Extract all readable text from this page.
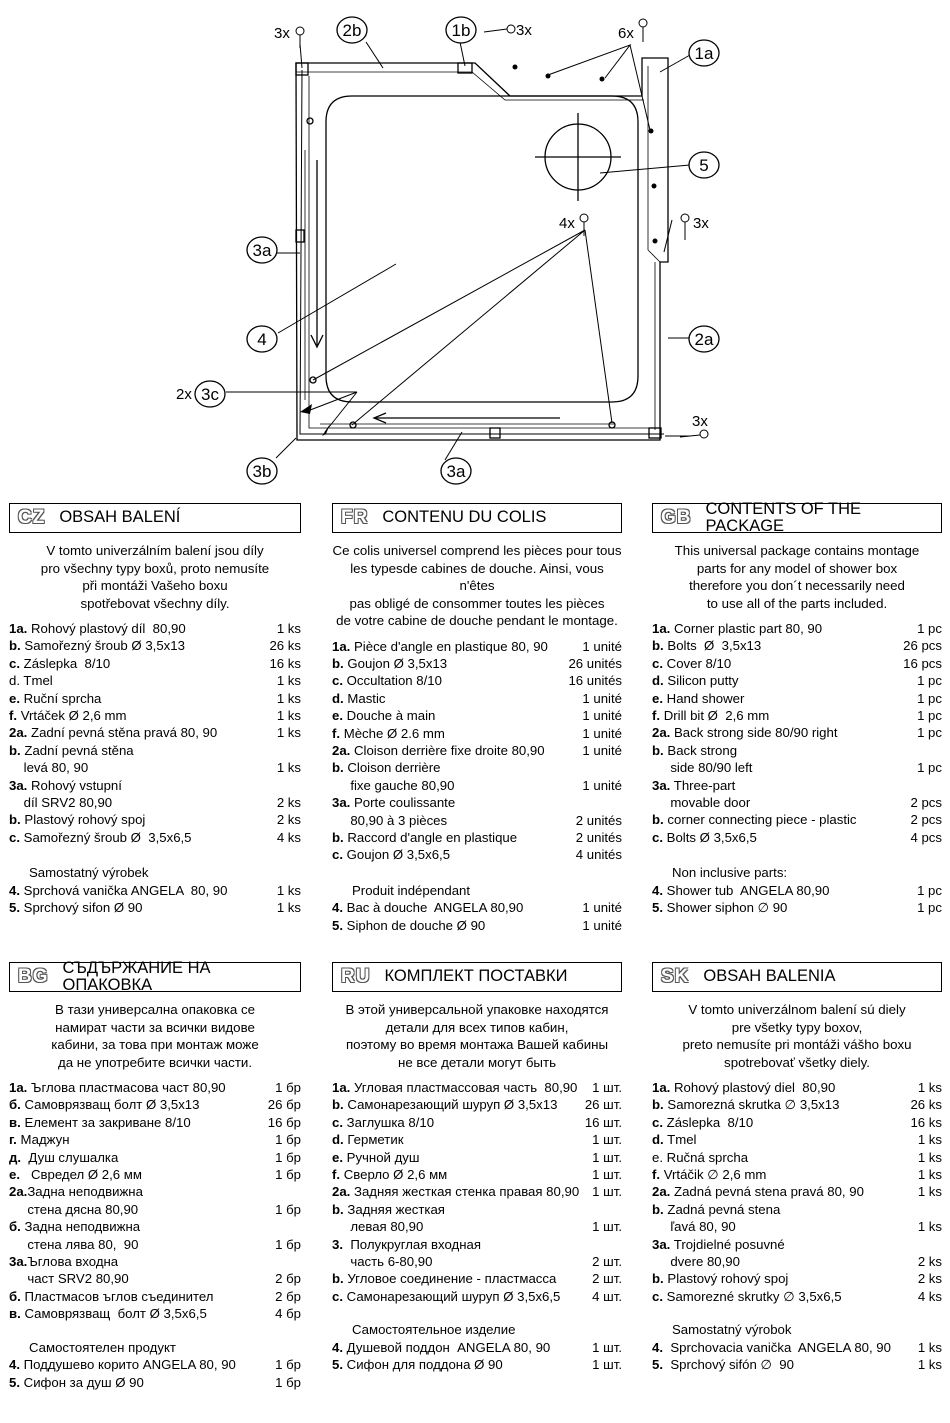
2b	1b
1a
5
3a
2a
4
3c
3b	3a
3x	3x	6x
3x
4x
2x
3x
CZ OBSAH BALENÍ
V tomto univerzálním balení jsou díly
pro všechny typy boxů, proto nemusíte
při montáži Vašeho boxu
spotřebovat všechny díly.
1a. Rohový plastový díl  80,90	1 ks
b. Samořezný šroub Ø 3,5x13	26 ks
c. Záslepka  8/10	16 ks
d. Tmel	1 ks
e. Ruční sprcha	1 ks
f. Vrtáček Ø 2,6 mm	1 ks
2a. Zadní pevná stěna pravá 80, 90	1 ks
b. Zadní pevná stěna
levá 80, 90	1 ks
3a. Rohový vstupní
díl SRV2 80,90	2 ks
b. Plastový rohový spoj	2 ks
c. Samořezný šroub Ø  3,5x6,5	4 ks
Samostatný výrobek
4. Sprchová vanička ANGELA  80, 90	1 ks
5. Sprchový sifon Ø 90	1 ks
FR CONTENU DU COLIS
Ce colis universel comprend les pièces pour tous
les typesde cabines de douche. Ainsi, vous n'êtes
pas obligé de consommer toutes les pièces
de votre cabine de douche pendant le montage.
1a. Pièce d'angle en plastique 80, 90	1 unité
b. Goujon Ø 3,5x13	26 unités
c. Occultation 8/10	16 unités
d. Mastic	1 unité
e. Douche à main	1 unité
f. Mèche Ø 2.6 mm	1 unité
2a. Cloison derrière fixe droite 80,90	1 unité
b. Cloison derrière
fixe gauche 80,90	1 unité
3a. Porte coulissante
80,90 à 3 pièces	2 unités
b. Raccord d'angle en plastique	2 unités
c. Goujon Ø 3,5x6,5	4 unités
Produit indépendant
4. Bac à douche  ANGELA 80,90	1 unité
5. Siphon de douche Ø 90	1 unité
GB CONTENTS OF THE PACKAGE
This universal package contains montage
parts for any model of shower box
therefore you don´t necessarily need
to use all of the parts included.
1a. Corner plastic part 80, 90	1 pc
b. Bolts  Ø  3,5x13	26 pcs
c. Cover 8/10	16 pcs
d. Silicon putty	1 pc
e. Hand shower	1 pc
f. Drill bit Ø  2,6 mm	1 pc
2a. Back strong side 80/90 right	1 pc
b. Back strong
side 80/90 left	1 pc
3a. Three-part
movable door	2 pcs
b. corner connecting piece - plastic	2 pcs
c. Bolts Ø 3,5x6,5	4 pcs
Non inclusive parts:
4. Shower tub  ANGELA 80,90	1 pc
5. Shower siphon ∅ 90	1 pc
BG СЪДЪРЖАНИЕ НА ОПАКОВКА
В тази универсална опаковка се
намират части за всички видове
кабини, за това при монтаж може
да не употребите всички части.
1a. Ъглова пластмасова част 80,90	1 бр
б. Самоврязващ болт Ø 3,5x13	26 бр
в. Елемент за закриване 8/10	16 бр
г. Маджун	1 бр
д.  Душ слушалка	1 бр
е.   Свредел Ø 2,6 мм	1 бр
2а.Задна неподвижна
стена дясна 80,90	1 бр
б. Задна неподвижна
стена лява 80,  90	1 бр
3а.Ъглова входна
част SRV2 80,90	2 бр
б. Пластмасов ъглов съединител	2 бр
в. Самоврязващ  болт Ø 3,5x6,5	4 бр
Самостоятелен продукт
4. Поддушево корито ANGELA 80, 90	1 бр
5. Сифон за душ Ø 90	1 бр
RU КОМПЛЕКТ ПОСТАВКИ
В этой универсальной упаковке находятся
детали для всех типов кабин,
поэтому во время монтажа Вашей кабины
не все детали могут быть
1a. Угловая пластмассовая часть  80,90 1 шт.
b. Самонарезающий шуруп Ø 3,5x13 26 шт.
c. Заглушка 8/10	16 шт.
d. Герметик	1 шт.
e. Ручной душ	1 шт.
f. Сверло Ø 2,6 мм	1 шт.
2a. Задняя жесткая стенка правая 80,90 1 шт.
b. Задняя жесткая
левая 80,90	1 шт.
3.  Полукруглая входная
часть 6-80,90	2 шт.
b. Угловое соединение - пластмасса	2 шт.
c. Самонарезающий шуруп Ø 3,5x6,5 4 шт.
Самостоятельное изделие
4. Душевой поддон  ANGELA 80, 90	1 шт.
5. Сифон для поддона Ø 90	1 шт.
SK OBSAH BALENIA
V tomto univerzálnom balení sú diely
pre všetky typy boxov,
preto nemusíte pri montáži vášho boxu
spotrebovať všetky diely.
1a. Rohový plastový diel  80,90	1 ks
b. Samorezná skrutka ∅ 3,5x13	26 ks
c. Záslepka  8/10	16 ks
d. Tmel	1 ks
e. Ručná sprcha	1 ks
f. Vrtáčik ∅ 2,6 mm	1 ks
2a. Zadná pevná stena pravá 80, 90	1 ks
b. Zadná pevná stena
ľavá 80, 90	1 ks
3a. Trojdielné posuvné
dvere 80,90	2 ks
b. Plastový rohový spoj	2 ks
c. Samorezné skrutky ∅ 3,5x6,5	4 ks
Samostatný výrobok
4.  Sprchovacia vanička  ANGELA 80, 90 1 ks
5.  Sprchový sifón ∅  90	1 ks
